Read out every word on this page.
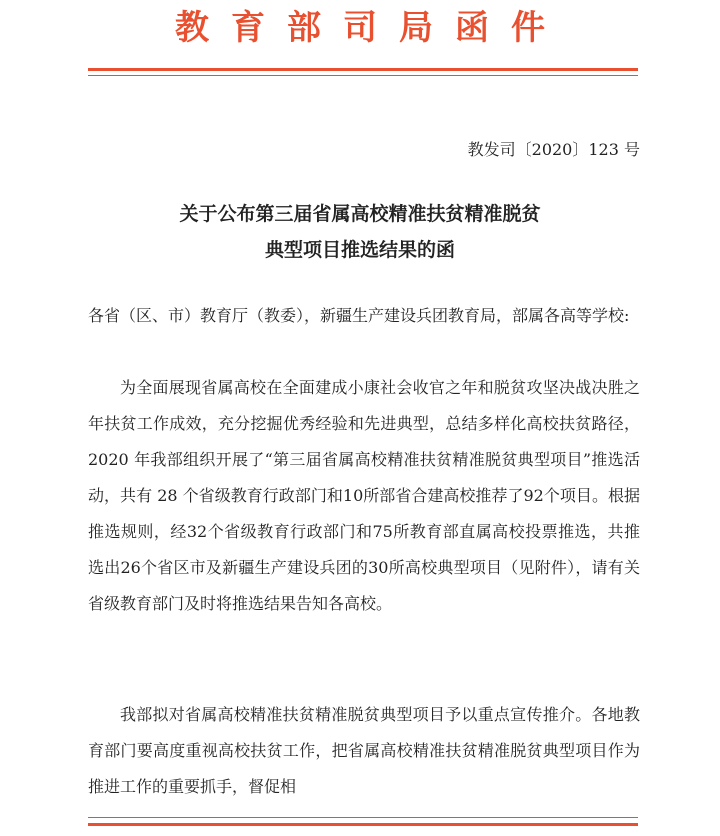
教育部司局函件
教发司〔2020〕123 号
关于公布第三届省属高校精准扶贫精准脱贫
典型项目推选结果的函
各省（区、市）教育厅（教委），新疆生产建设兵团教育局，部属各高等学校:
为全面展现省属高校在全面建成小康社会收官之年和脱贫攻坚决战决胜之年扶贫工作成效，充分挖掘优秀经验和先进典型，总结多样化高校扶贫路径，2020 年我部组织开展了“第三届省属高校精准扶贫精准脱贫典型项目”推选活动，共有 28 个省级教育行政部门和10所部省合建高校推荐了92个项目。根据推选规则，经32个省级教育行政部门和75所教育部直属高校投票推选，共推选出26个省区市及新疆生产建设兵团的30所高校典型项目（见附件），请有关省级教育部门及时将推选结果告知各高校。
我部拟对省属高校精准扶贫精准脱贫典型项目予以重点宣传推介。各地教育部门要高度重视高校扶贫工作，把省属高校精准扶贫精准脱贫典型项目作为推进工作的重要抓手，督促相
